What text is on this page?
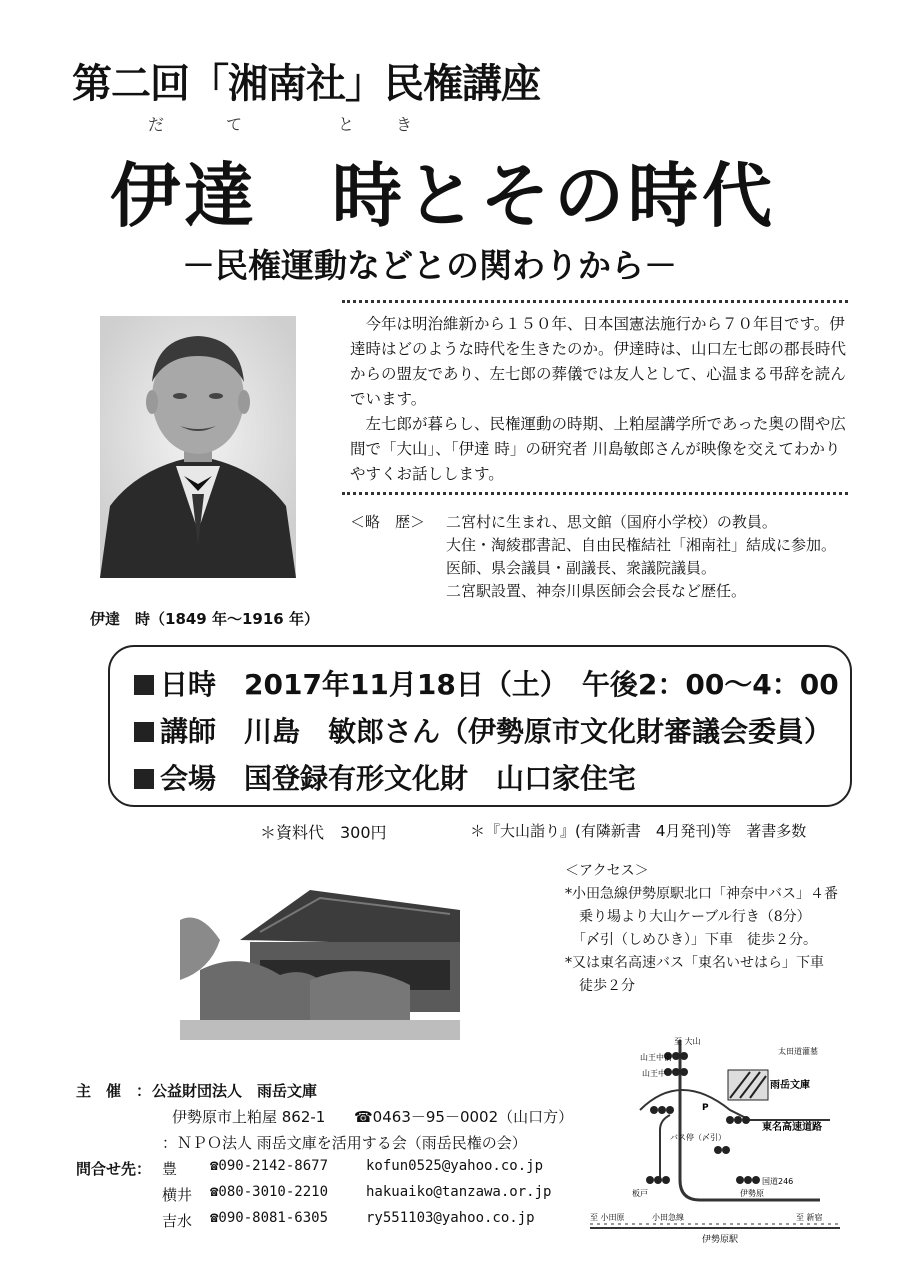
第二回「湘南社」民権講座
だ	て	と	き
伊達　時とその時代
－民権運動などとの関わりから－

今年は明治維新から１５０年、日本国憲法施行から７０年目です。伊達時はどのような時代を生きたのか。伊達時は、山口左七郎の郡長時代からの盟友であり、左七郎の葬儀では友人として、心温まる弔辞を読んでいます。

左七郎が暮らし、民権運動の時期、上粕屋講学所であった奥の間や広間で「大山」、「伊達 時」の研究者 川島敏郎さんが映像を交えてわかりやすくお話しします。

＜略　歴＞ 二宮村に生まれ、思文館（国府小学校）の教員。
大住・淘綾郡書記、自由民権結社「湘南社」結成に参加。
医師、県会議員・副議長、衆議院議員。
二宮駅設置、神奈川県医師会会長など歴任。
伊達　時（1849 年～1916 年）
日時　2017年11月18日（土）　午後2：00～4：00
講師　川島　敏郎さん（伊勢原市文化財審議会委員）
会場　国登録有形文化財　山口家住宅
＊資料代　300円	＊『大山詣り』(有隣新書　4月発刊)等　著書多数
＜アクセス＞
*小田急線伊勢原駅北口「神奈中バス」４番
　乗り場より大山ケーブル行き（8分）
　「〆引（しめひき）」下車　徒歩２分。
*又は東名高速バス「東名いせはら」下車
　徒歩２分
至 大山
山王中前
山王中
太田道灌墓
雨岳文庫
P
東名高速道路
バス停（〆引）
国道246
板戸	伊勢原
至 小田原	小田急線
伊勢原駅
至 新宿
主　催　： 公益財団法人　雨岳文庫
伊勢原市上粕屋 862-1 ☎0463－95－0002（山口方）
：ＮＰＯ法人 雨岳文庫を活用する会（雨岳民権の会）
問合せ先： 豊 ☎090-2142-8677	kofun0525@yahoo.co.jp
横井 ☎080-3010-2210	hakuaiko@tanzawa.or.jp
吉水 ☎090-8081-6305	ry551103@yahoo.co.jp
